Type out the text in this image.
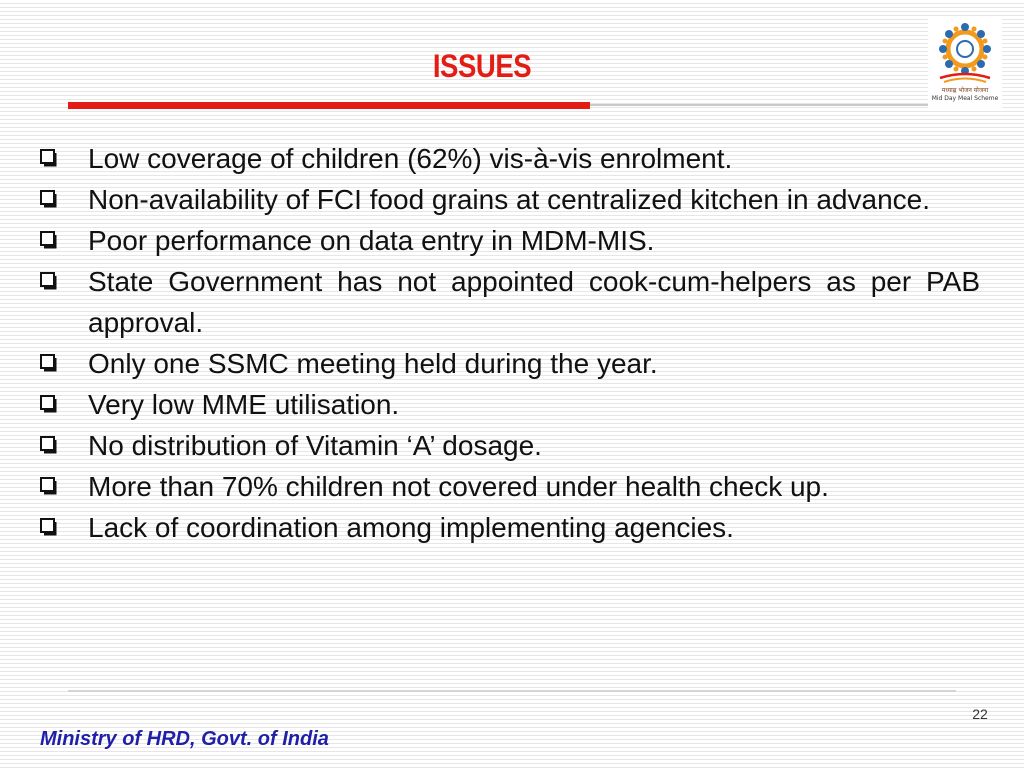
ISSUES
मध्याह्न भोजन योजना
Mid Day Meal Scheme
Low coverage of children (62%) vis-à-vis enrolment.
Non-availability of FCI food grains at centralized kitchen in advance.
Poor performance on data entry in MDM-MIS.
State Government has not appointed cook-cum-helpers as per PAB approval.
Only one SSMC meeting held during the year.
Very low MME utilisation.
No distribution of Vitamin ‘A’ dosage.
More than 70% children not covered under health check up.
Lack of coordination among implementing agencies.
22
Ministry of HRD, Govt. of India
